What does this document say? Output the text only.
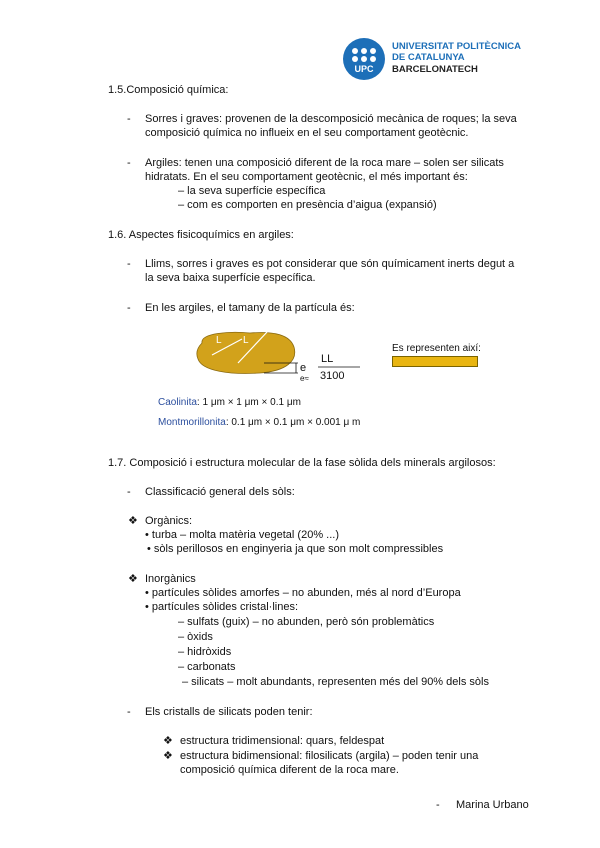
UPC
UNIVERSITAT POLITÈCNICA
DE CATALUNYA
BARCELONATECH
1.5.Composició química:
- Sorres i graves: provenen de la descomposició mecànica de roques; la seva
composició química no influeix en el seu comportament geotècnic.
- Argiles: tenen una composició diferent de la roca mare – solen ser silicats
hidratats. En el seu comportament geotècnic, el més important és:
– la seva superfície específica
– com es comporten en presència d’aigua (expansió)
1.6. Aspectes fisicoquímics en argiles:
- Llims, sorres i graves es pot considerar que són químicament inerts degut a
la seva baixa superfície específica.
- En les argiles, el tamany de la partícula és:
L L
e
e≈
LL
3100
Es representen així:
Caolinita: 1 μm × 1 μm × 0.1 μm
Montmorillonita: 0.1 μm × 0.1 μm × 0.001 μ m
1.7. Composició i estructura molecular de la fase sòlida dels minerals argilosos:
- Classificació general dels sòls:
❖ Orgànics:
• turba – molta matèria vegetal (20% ...)
• sòls perillosos en enginyeria ja que son molt compressibles
❖ Inorgànics
• partícules sòlides amorfes – no abunden, més al nord d’Europa
• partícules sòlides cristal·lines:
– sulfats (guix) – no abunden, però són problemàtics
– òxids
– hidròxids
– carbonats
– silicats – molt abundants, representen més del 90% dels sòls
- Els cristalls de silicats poden tenir:
❖ estructura tridimensional: quars, feldespat
❖ estructura bidimensional: filosilicats (argila) – poden tenir una
composició química diferent de la roca mare.
- Marina Urbano
